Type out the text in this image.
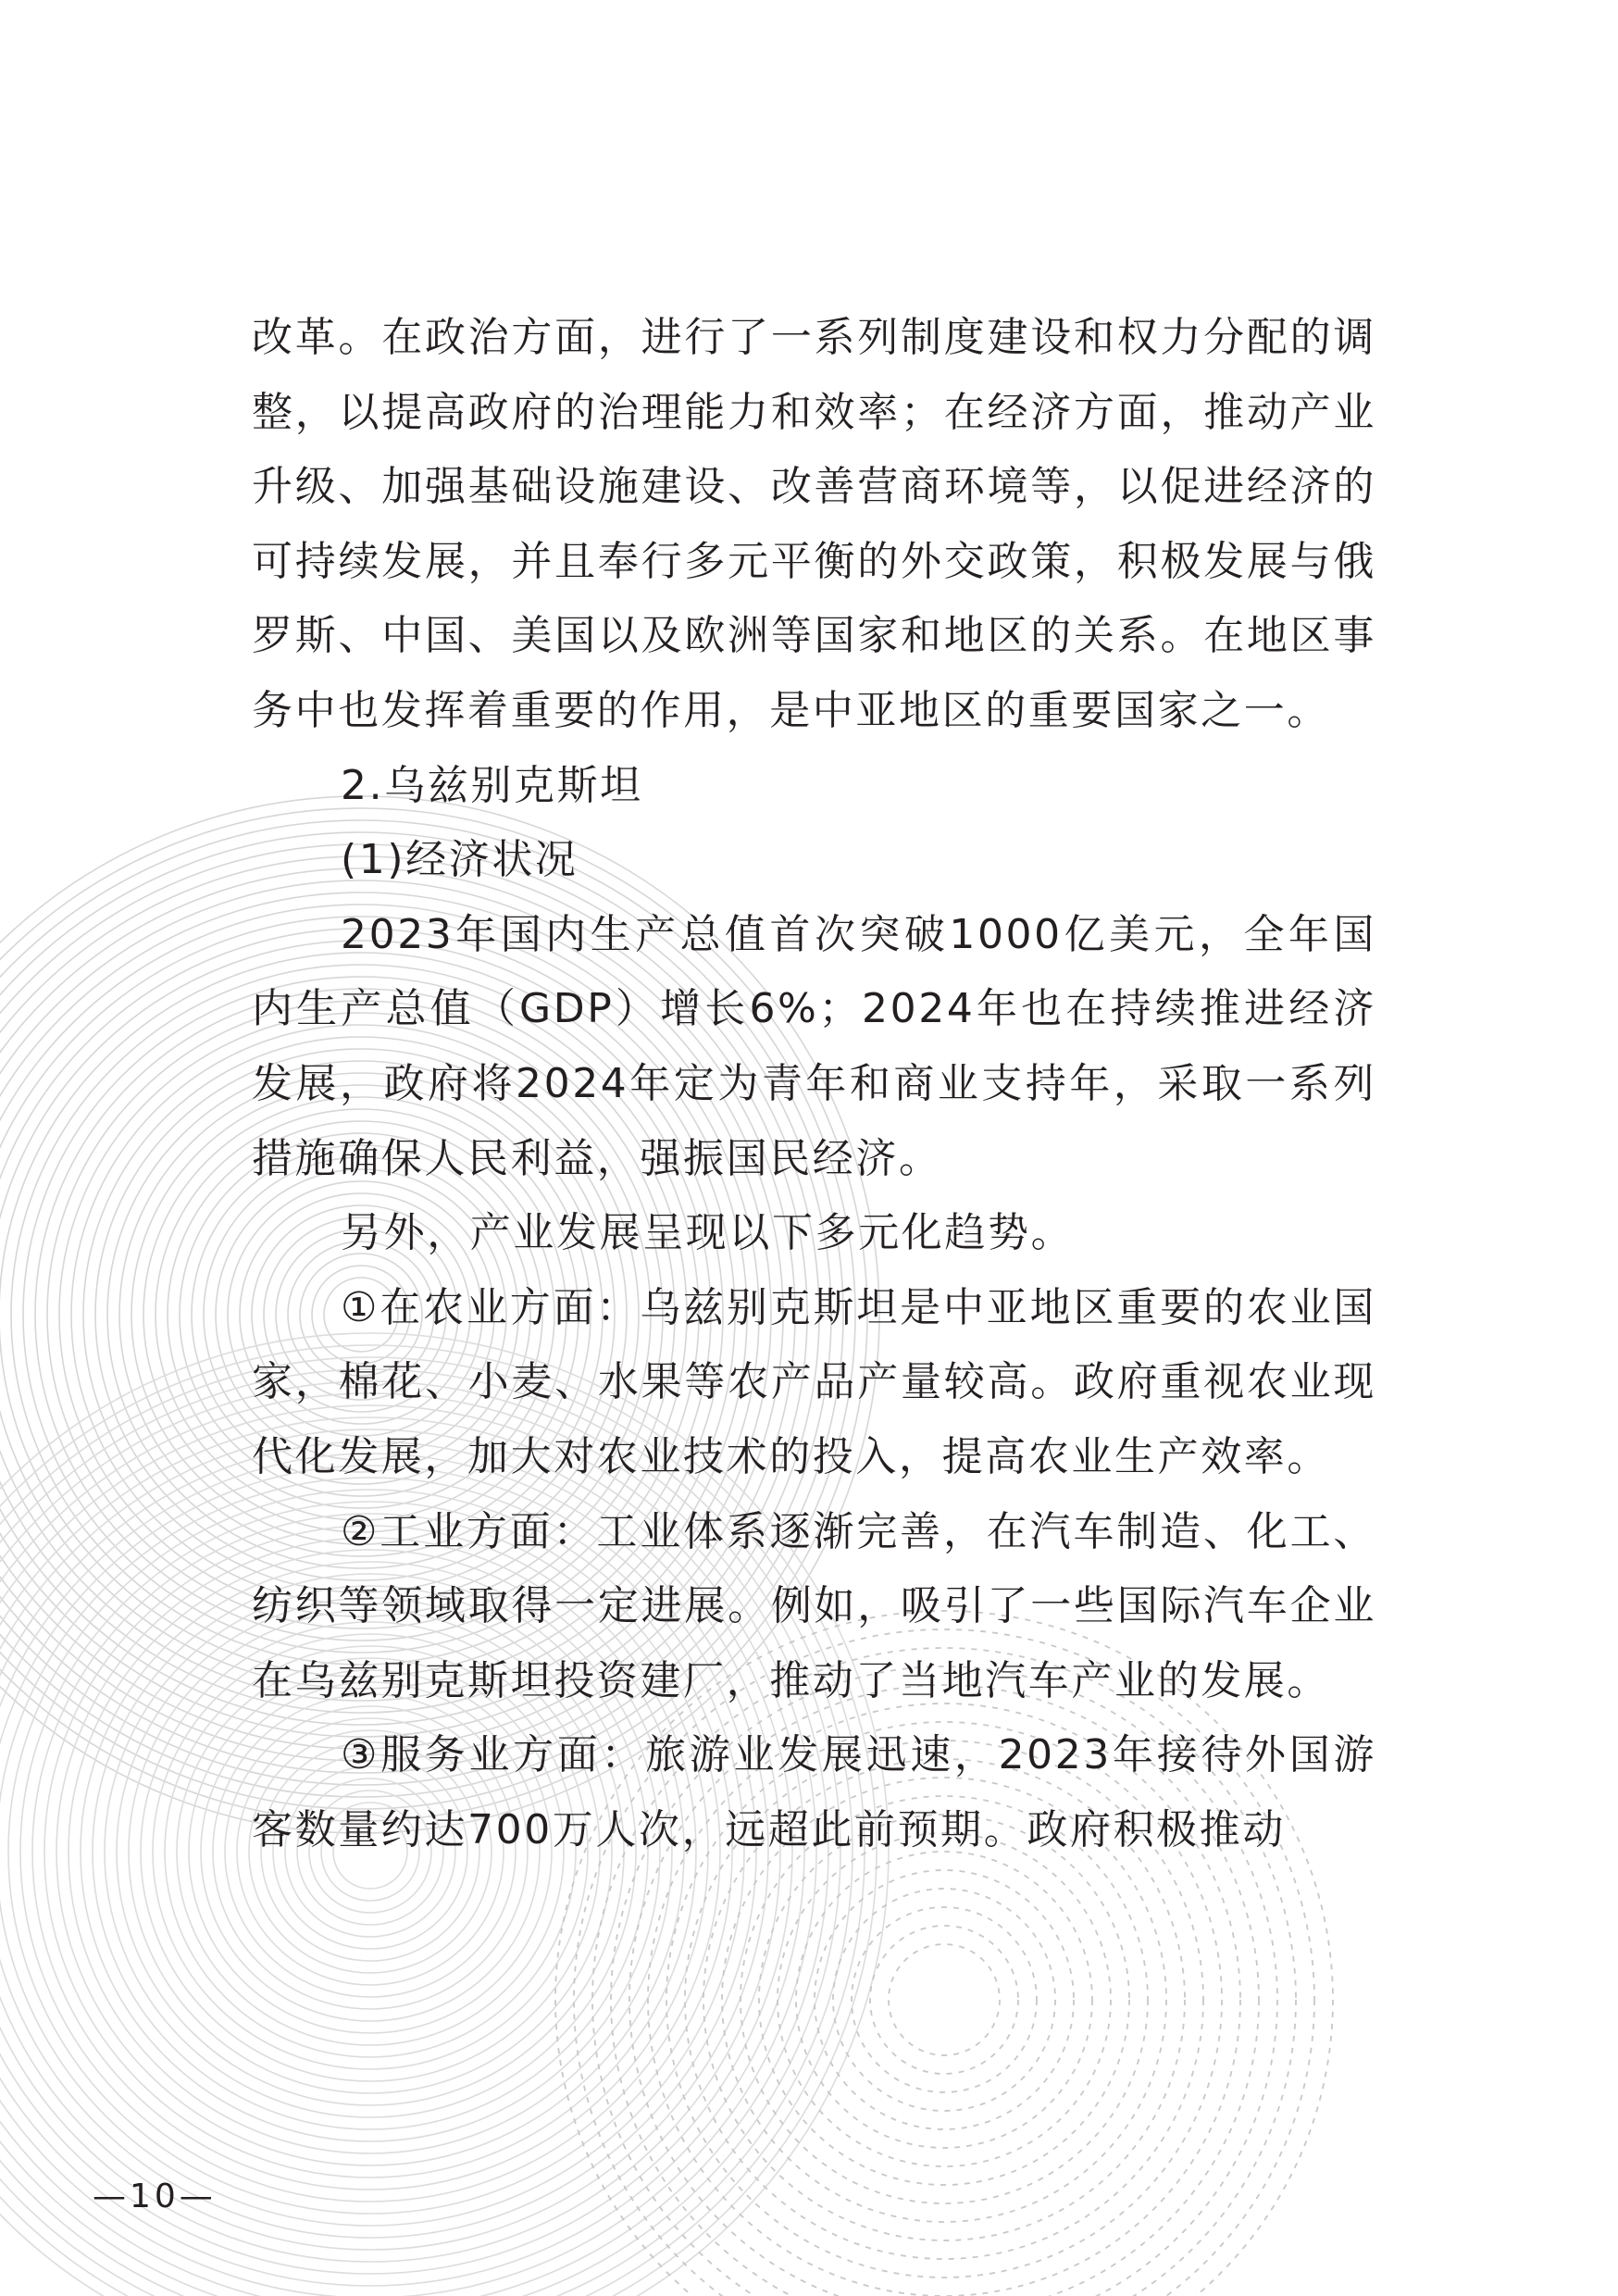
改革。在政治方面，进行了一系列制度建设和权力分配的调整，以提高政府的治理能力和效率；在经济方面，推动产业升级、加强基础设施建设、改善营商环境等，以促进经济的可持续发展，并且奉行多元平衡的外交政策，积极发展与俄罗斯、中国、美国以及欧洲等国家和地区的关系。在地区事务中也发挥着重要的作用，是中亚地区的重要国家之一。

2.乌兹别克斯坦

(1)经济状况

2023年国内生产总值首次突破1000亿美元，全年国内生产总值（GDP）增长6%；2024年也在持续推进经济发展，政府将2024年定为青年和商业支持年，采取一系列措施确保人民利益，强振国民经济。

另外，产业发展呈现以下多元化趋势。

①在农业方面：乌兹别克斯坦是中亚地区重要的农业国家，棉花、小麦、水果等农产品产量较高。政府重视农业现代化发展，加大对农业技术的投入，提高农业生产效率。

②工业方面：工业体系逐渐完善，在汽车制造、化工、纺织等领域取得一定进展。例如，吸引了一些国际汽车企业在乌兹别克斯坦投资建厂，推动了当地汽车产业的发展。

③服务业方面：旅游业发展迅速，2023年接待外国游客数量约达700万人次，远超此前预期。政府积极推动

—10—
